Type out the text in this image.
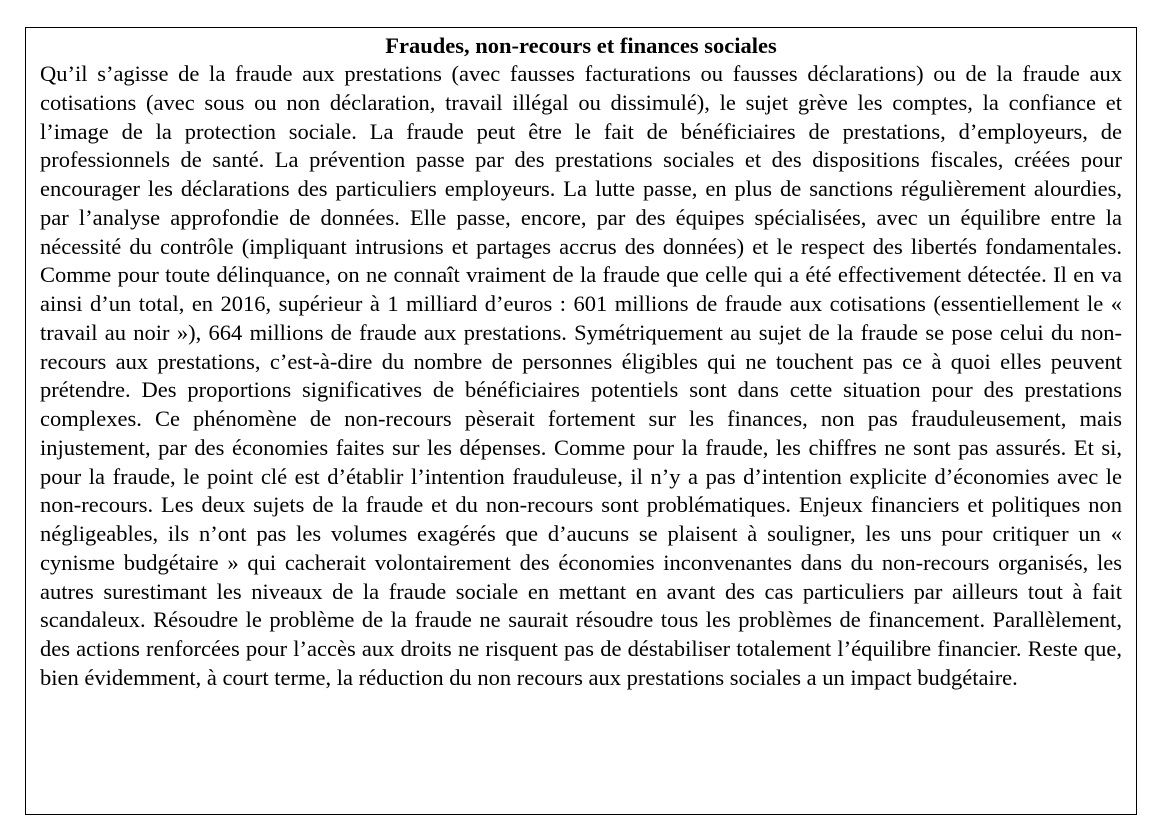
Fraudes, non-recours et finances sociales

Qu’il s’agisse de la fraude aux prestations (avec fausses facturations ou fausses déclarations) ou de la fraude aux cotisations (avec sous ou non déclaration, travail illégal ou dissimulé), le sujet grève les comptes, la confiance et l’image de la protection sociale. La fraude peut être le fait de bénéficiaires de prestations, d’employeurs, de professionnels de santé. La prévention passe par des prestations sociales et des dispositions fiscales, créées pour encourager les déclarations des particuliers employeurs. La lutte passe, en plus de sanctions régulièrement alourdies, par l’analyse approfondie de données. Elle passe, encore, par des équipes spécialisées, avec un équilibre entre la nécessité du contrôle (impliquant intrusions et partages accrus des données) et le respect des libertés fondamentales. Comme pour toute délinquance, on ne connaît vraiment de la fraude que celle qui a été effectivement détectée. Il en va ainsi d’un total, en 2016, supérieur à 1 milliard d’euros : 601 millions de fraude aux cotisations (essentiellement le « travail au noir »), 664 millions de fraude aux prestations. Symétriquement au sujet de la fraude se pose celui du non-recours aux prestations, c’est-à-dire du nombre de personnes éligibles qui ne touchent pas ce à quoi elles peuvent prétendre. Des proportions significatives de bénéficiaires potentiels sont dans cette situation pour des prestations complexes. Ce phénomène de non-recours pèserait fortement sur les finances, non pas frauduleusement, mais injustement, par des économies faites sur les dépenses. Comme pour la fraude, les chiffres ne sont pas assurés. Et si, pour la fraude, le point clé est d’établir l’intention frauduleuse, il n’y a pas d’intention explicite d’économies avec le non-recours. Les deux sujets de la fraude et du non-recours sont problématiques. Enjeux financiers et politiques non négligeables, ils n’ont pas les volumes exagérés que d’aucuns se plaisent à souligner, les uns pour critiquer un « cynisme budgétaire » qui cacherait volontairement des économies inconvenantes dans du non-recours organisés, les autres surestimant les niveaux de la fraude sociale en mettant en avant des cas particuliers par ailleurs tout à fait scandaleux. Résoudre le problème de la fraude ne saurait résoudre tous les problèmes de financement. Parallèlement, des actions renforcées pour l’accès aux droits ne risquent pas de déstabiliser totalement l’équilibre financier. Reste que, bien évidemment, à court terme, la réduction du non recours aux prestations sociales a un impact budgétaire.
